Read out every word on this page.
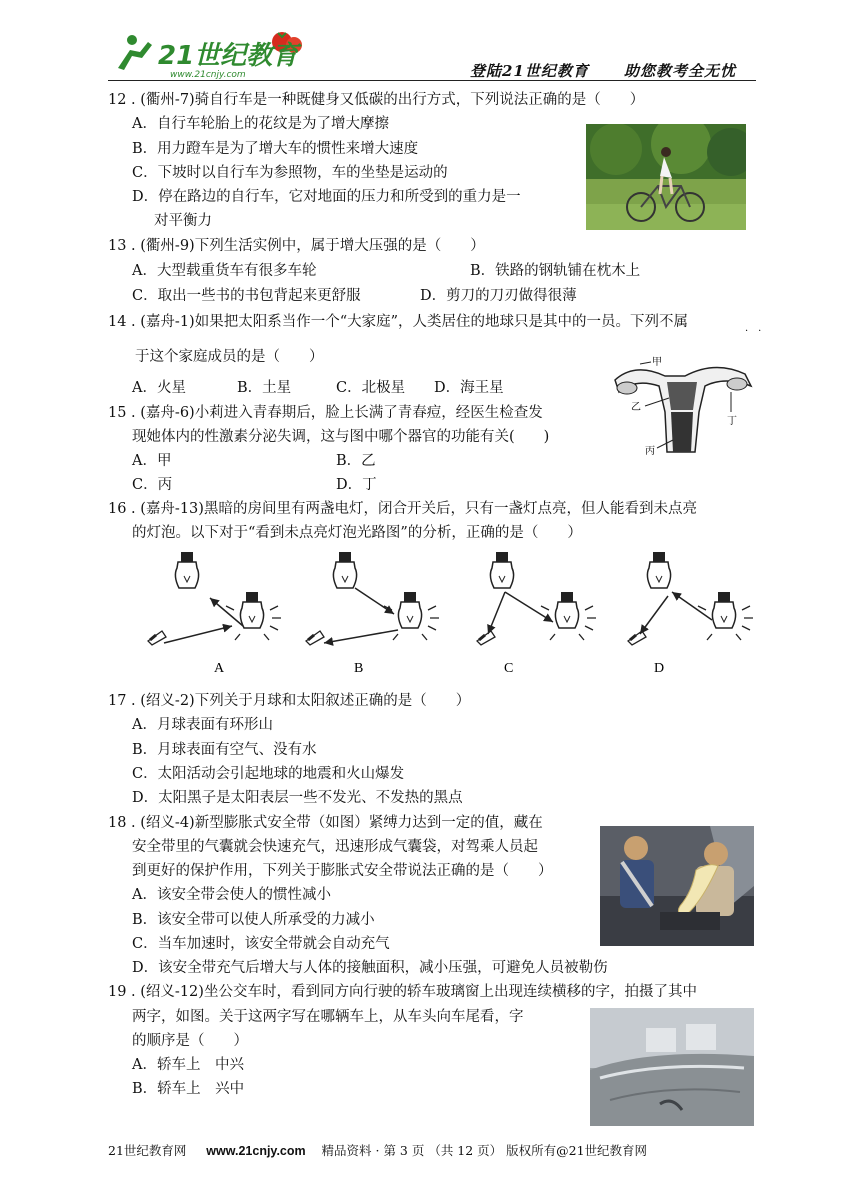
21世纪教育
www.21cnjy.com	登陆21世纪教育 助您教考全无忧
12 . (衢州-7)骑自行车是一种既健身又低碳的出行方式，下列说法正确的是（　　）
A．自行车轮胎上的花纹是为了增大摩擦
B．用力蹬车是为了增大车的惯性来增大速度
C．下坡时以自行车为参照物，车的坐垫是运动的
D．停在路边的自行车，它对地面的压力和所受到的重力是一
对平衡力
13 . (衢州-9)下列生活实例中，属于增大压强的是（　　）
A．大型载重货车有很多车轮	B．铁路的钢轨铺在枕木上
C．取出一些书的书包背起来更舒服	D．剪刀的刀刃做得很薄
14 . (嘉舟-1)如果把太阳系当作一个“大家庭”，人类居住的地球只是其中的一员。下列不属
于这个家庭成员的是（　　）
··
A．火星	B．土星	C．北极星 D．海王星
15 . (嘉舟-6)小莉进入青春期后，脸上长满了青春痘，经医生检查发
现她体内的性激素分泌失调，这与图中哪个器官的功能有关(　　)
A．甲	B．乙
C．丙	D．丁
甲
乙
丁
丙
16 . (嘉舟-13)黑暗的房间里有两盏电灯，闭合开关后，只有一盏灯点亮，但人能看到未点亮
的灯泡。以下对于“看到未点亮灯泡光路图”的分析，正确的是（　　）
A	B	C	D
17 . (绍义-2)下列关于月球和太阳叙述正确的是（　　）
A．月球表面有环形山
B．月球表面有空气、没有水
C．太阳活动会引起地球的地震和火山爆发
D．太阳黑子是太阳表层一些不发光、不发热的黑点
18 . (绍义-4)新型膨胀式安全带（如图）紧缚力达到一定的值，藏在
安全带里的气囊就会快速充气，迅速形成气囊袋，对驾乘人员起
到更好的保护作用，下列关于膨胀式安全带说法正确的是（　　）
A．该安全带会使人的惯性减小
B．该安全带可以使人所承受的力减小
C．当车加速时，该安全带就会自动充气
D．该安全带充气后增大与人体的接触面积，减小压强，可避免人员被勒伤
19 . (绍义-12)坐公交车时，看到同方向行驶的轿车玻璃窗上出现连续横移的字，拍摄了其中
两字，如图。关于这两字写在哪辆车上，从车头向车尾看，字
的顺序是（　　）
A．轿车上　中兴
B．轿车上　兴中
21世纪教育网 www.21cnjy.com 精品资料 · 第 3 页 （共 12 页） 版权所有@21世纪教育网
